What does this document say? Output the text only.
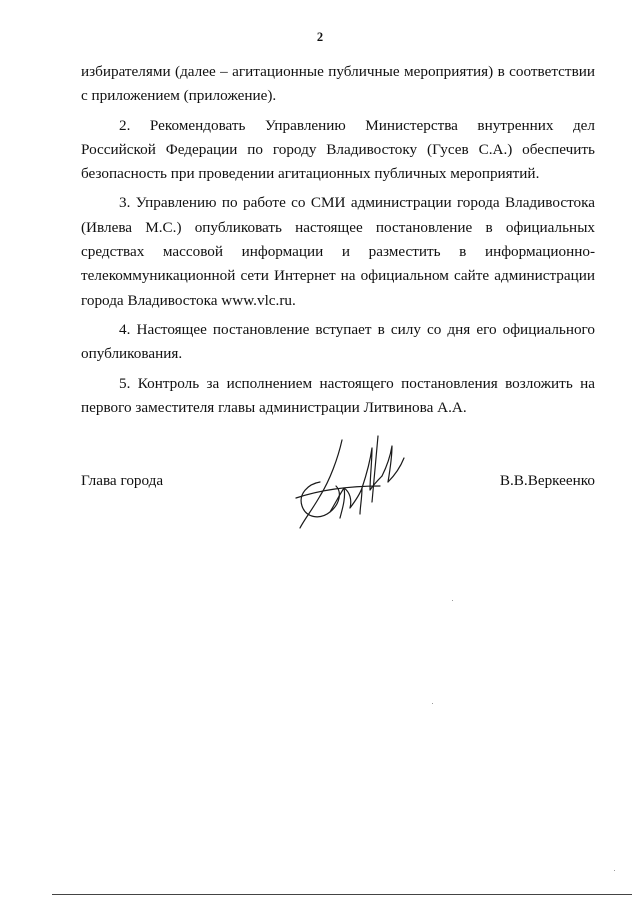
2

избирателями (далее – агитационные публичные мероприятия) в соответствии с приложением (приложение).

2. Рекомендовать Управлению Министерства внутренних дел Российской Федерации по городу Владивостоку (Гусев С.А.) обеспечить безопасность при проведении агитационных публичных мероприятий.

3. Управлению по работе со СМИ администрации города Владивостока (Ивлева М.С.) опубликовать настоящее постановление в официальных средствах массовой информации и разместить в информационно-телекоммуникационной сети Интернет на официальном сайте администрации города Владивостока www.vlc.ru.

4. Настоящее постановление вступает в силу со дня его официального опубликования.

5. Контроль за исполнением настоящего постановления возложить на первого заместителя главы администрации Литвинова А.А.

Глава города	В.В.Веркеенко
